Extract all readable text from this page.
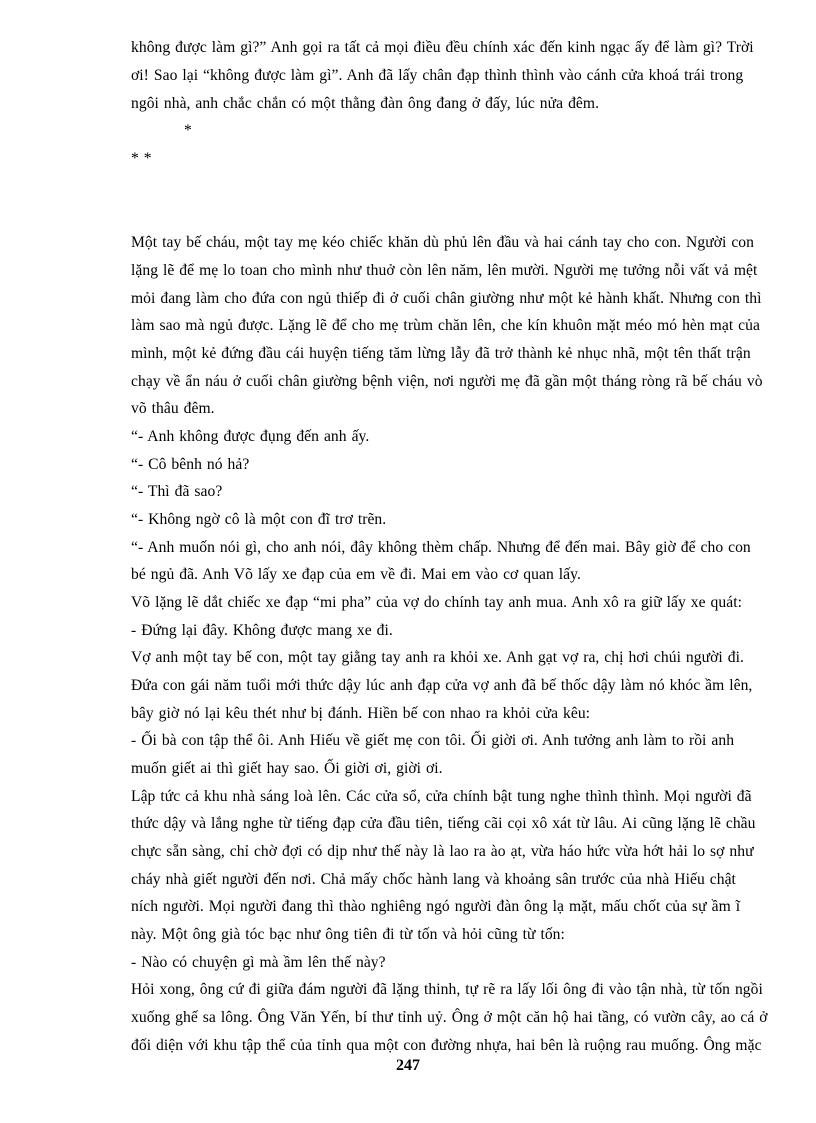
không được làm gì?” Anh gọi ra tất cả mọi điều đều chính xác đến kinh ngạc ấy để làm gì? Trời

ơi! Sao lại “không được làm gì”. Anh đã lấy chân đạp thình thình vào cánh cửa khoá trái trong

ngôi nhà, anh chắc chắn có một thằng đàn ông đang ở đấy, lúc nửa đêm.

*

* *

Một tay bế cháu, một tay mẹ kéo chiếc khăn dù phủ lên đầu và hai cánh tay cho con. Người con

lặng lẽ để mẹ lo toan cho mình như thuở còn lên năm, lên mười. Người mẹ tưởng nỗi vất vả mệt

mỏi đang làm cho đứa con ngủ thiếp đi ở cuối chân giường như một kẻ hành khất. Nhưng con thì

làm sao mà ngủ được. Lặng lẽ để cho mẹ trùm chăn lên, che kín khuôn mặt méo mó hèn mạt của

mình, một kẻ đứng đầu cái huyện tiếng tăm lừng lẫy đã trở thành kẻ nhục nhã, một tên thất trận

chạy về ẩn náu ở cuối chân giường bệnh viện, nơi người mẹ đã gần một tháng ròng rã bế cháu vò

võ thâu đêm.

“- Anh không được đụng đến anh ấy.

“- Cô bênh nó hả?

“- Thì đã sao?

“- Không ngờ cô là một con đĩ trơ trẽn.

“- Anh muốn nói gì, cho anh nói, đây không thèm chấp. Nhưng để đến mai. Bây giờ để cho con

bé ngủ đã. Anh Võ lấy xe đạp của em về đi. Mai em vào cơ quan lấy.

Võ lặng lẽ dắt chiếc xe đạp “mi pha” của vợ do chính tay anh mua. Anh xô ra giữ lấy xe quát:

- Đứng lại đây. Không được mang xe đi.

Vợ anh một tay bế con, một tay giằng tay anh ra khỏi xe. Anh gạt vợ ra, chị hơi chúi người đi.

Đứa con gái năm tuổi mới thức dậy lúc anh đạp cửa vợ anh đã bế thốc dậy làm nó khóc ầm lên,

bây giờ nó lại kêu thét như bị đánh. Hiền bế con nhao ra khỏi cửa kêu:

- Ối bà con tập thể ôi. Anh Hiếu về giết mẹ con tôi. Ối giời ơi. Anh tưởng anh làm to rồi anh

muốn giết ai thì giết hay sao. Ối giời ơi, giời ơi.

Lập tức cả khu nhà sáng loà lên. Các cửa sổ, cửa chính bật tung nghe thình thình. Mọi người đã

thức dậy và lắng nghe từ tiếng đạp cửa đầu tiên, tiếng cãi cọi xô xát từ lâu. Ai cũng lặng lẽ chầu

chực sẵn sàng, chỉ chờ đợi có dịp như thế này là lao ra ào ạt, vừa háo hức vừa hớt hải lo sợ như

cháy nhà giết người đến nơi. Chả mấy chốc hành lang và khoảng sân trước của nhà Hiếu chật

ních người. Mọi người đang thì thào nghiêng ngó người đàn ông lạ mặt, mấu chốt của sự ầm ĩ

này. Một ông già tóc bạc như ông tiên đi từ tốn và hỏi cũng từ tốn:

- Nào có chuyện gì mà ầm lên thế này?

Hỏi xong, ông cứ đi giữa đám người đã lặng thinh, tự rẽ ra lấy lối ông đi vào tận nhà, từ tốn ngồi

xuống ghế sa lông. Ông Văn Yến, bí thư tỉnh uỷ. Ông ở một căn hộ hai tầng, có vườn cây, ao cá ở

đối diện với khu tập thể của tỉnh qua một con đường nhựa, hai bên là ruộng rau muống. Ông mặc

247
